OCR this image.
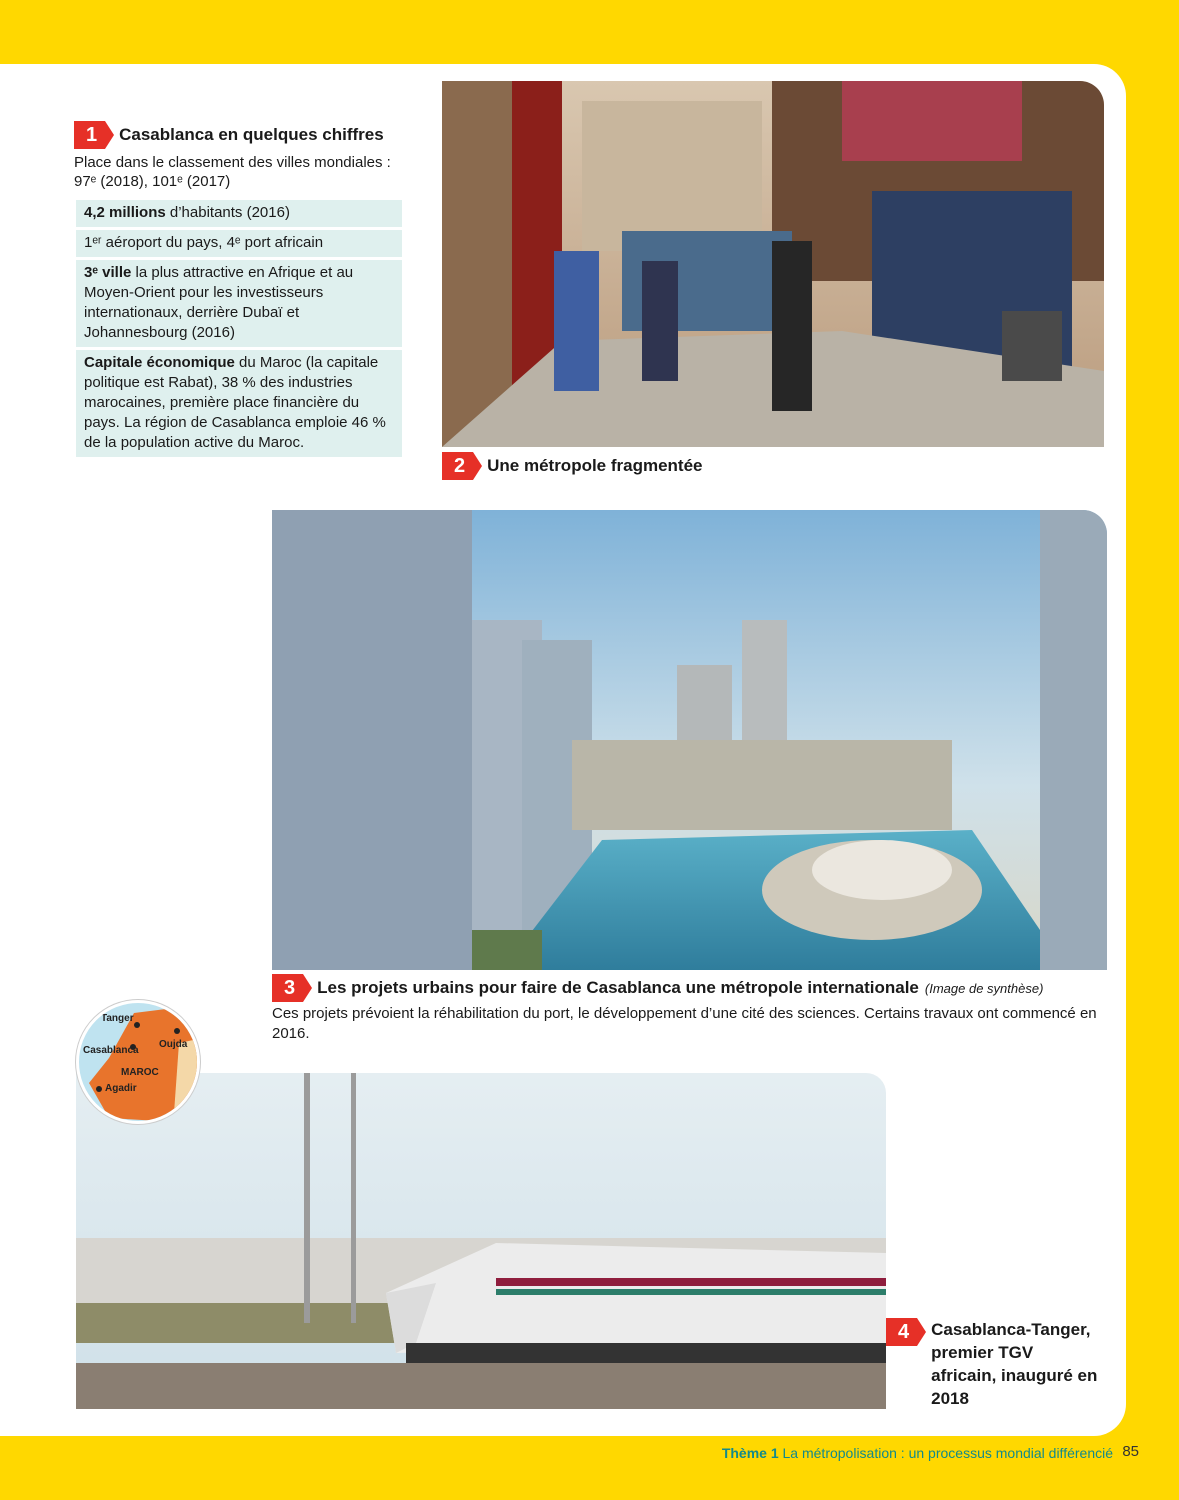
1	Casablanca en quelques chiffres
Place dans le classement des villes mondiales : 97ᵉ (2018), 101ᵉ (2017)
4,2 millions d’habitants (2016)
1ᵉʳ aéroport du pays, 4ᵉ port africain
3ᵉ ville la plus attractive en Afrique et au Moyen-Orient pour les investisseurs internationaux, derrière Dubaï et Johannesbourg (2016)
Capitale économique du Maroc (la capitale politique est Rabat), 38 % des industries marocaines, première place financière du pays. La région de Casablanca emploie 46 % de la population active du Maroc.
2	Une métropole fragmentée
3	Les projets urbains pour faire de Casablanca une métropole internationale (Image de synthèse)
Ces projets prévoient la réhabilitation du port, le développement d’une cité des sciences. Certains travaux ont commencé en 2016.
Tanger
Oujda
Casablanca
MAROC
Agadir
4	Casablanca-Tanger, premier TGV africain, inauguré en 2018
Thème 1 La métropolisation : un processus mondial différencié 85
